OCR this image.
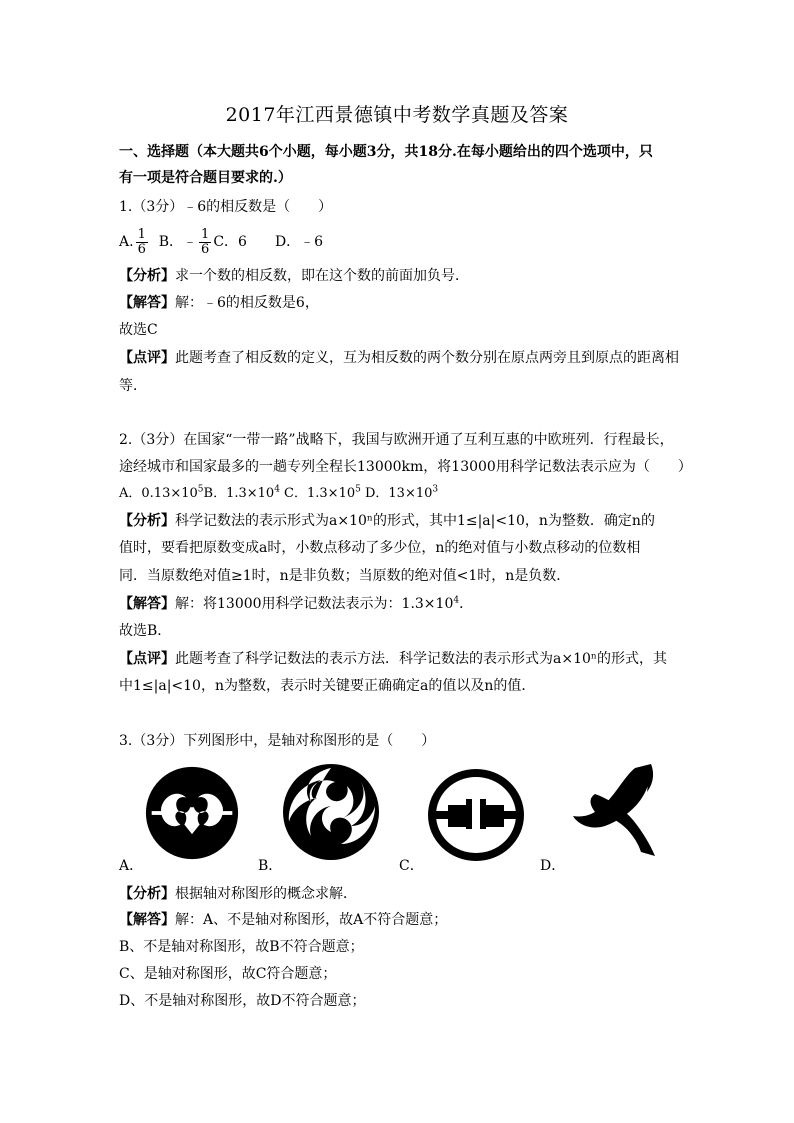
2017年江西景德镇中考数学真题及答案
一、选择题（本大题共6个小题，每小题3分，共18分.在每小题给出的四个选项中，只
有一项是符合题目要求的.）
1.（3分）﹣6的相反数是（　　）
A. $\frac{1}{6}$ B．﹣ $\frac{1}{6}$ C．6　　D．﹣6
【分析】求一个数的相反数，即在这个数的前面加负号．
【解答】解：﹣6的相反数是6，
故选C
【点评】此题考查了相反数的定义，互为相反数的两个数分别在原点两旁且到原点的距离相
等．
2.（3分）在国家“一带一路”战略下，我国与欧洲开通了互利互惠的中欧班列．行程最长，
途经城市和国家最多的一趟专列全程长13000km，将13000用科学记数法表示应为（　　）
A．$0.13\times 10^5B$．$1.3\times 10^4$ C．$1.3\times 10^5$ D．$13\times 10^3$
【分析】科学记数法的表示形式为a×10ⁿ的形式，其中1≤|a|<10，n为整数．确定n的
值时，要看把原数变成a时，小数点移动了多少位，n的绝对值与小数点移动的位数相
同．当原数绝对值≥1时，n是非负数；当原数的绝对值<1时，n是负数．
【解答】解：将13000用科学记数法表示为：$1.3\times 10^4$．
故选B．
【点评】此题考查了科学记数法的表示方法．科学记数法的表示形式为a×10ⁿ的形式，其
中1≤|a|<10，n为整数，表示时关键要正确确定a的值以及n的值．
3.（3分）下列图形中，是轴对称图形的是（　　）
A．	B．	C．	D．
【分析】根据轴对称图形的概念求解．
【解答】解：A、不是轴对称图形，故A不符合题意；
B、不是轴对称图形，故B不符合题意；
C、是轴对称图形，故C符合题意；
D、不是轴对称图形，故D不符合题意；
